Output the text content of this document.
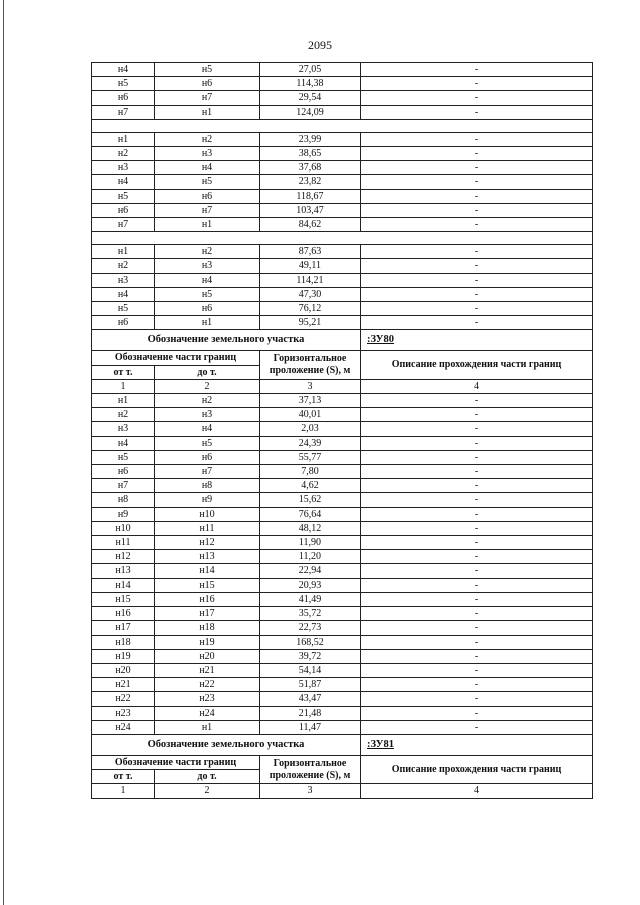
2095
н4	н5	27,05	-
н5	н6	114,38	-
н6	н7	29,54	-
н7	н1	124,09	-

н1	н2	23,99	-
н2	н3	38,65	-
н3	н4	37,68	-
н4	н5	23,82	-
н5	н6	118,67	-
н6	н7	103,47	-
н7	н1	84,62	-

н1	н2	87,63	-
н2	н3	49,11	-
н3	н4	114,21	-
н4	н5	47,30	-
н5	н6	76,12	-
н6	н1	95,21	-
Обозначение земельного участка			:ЗУ80
Обозначение части границ		Горизонтальное проложение (S), м	Описание прохождения части границ
от т.	до т.		
1	2	3	4
н1	н2	37,13	-
н2	н3	40,01	-
н3	н4	2,03	-
н4	н5	24,39	-
н5	н6	55,77	-
н6	н7	7,80	-
н7	н8	4,62	-
н8	н9	15,62	-
н9	н10	76,64	-
н10	н11	48,12	-
н11	н12	11,90	-
н12	н13	11,20	-
н13	н14	22,94	-
н14	н15	20,93	-
н15	н16	41,49	-
н16	н17	35,72	-
н17	н18	22,73	-
н18	н19	168,52	-
н19	н20	39,72	-
н20	н21	54,14	-
н21	н22	51,87	-
н22	н23	43,47	-
н23	н24	21,48	-
н24	н1	11,47	-
Обозначение земельного участка			:ЗУ81
Обозначение части границ		Горизонтальное проложение (S), м	Описание прохождения части границ
от т.	до т.		
1	2	3	4
